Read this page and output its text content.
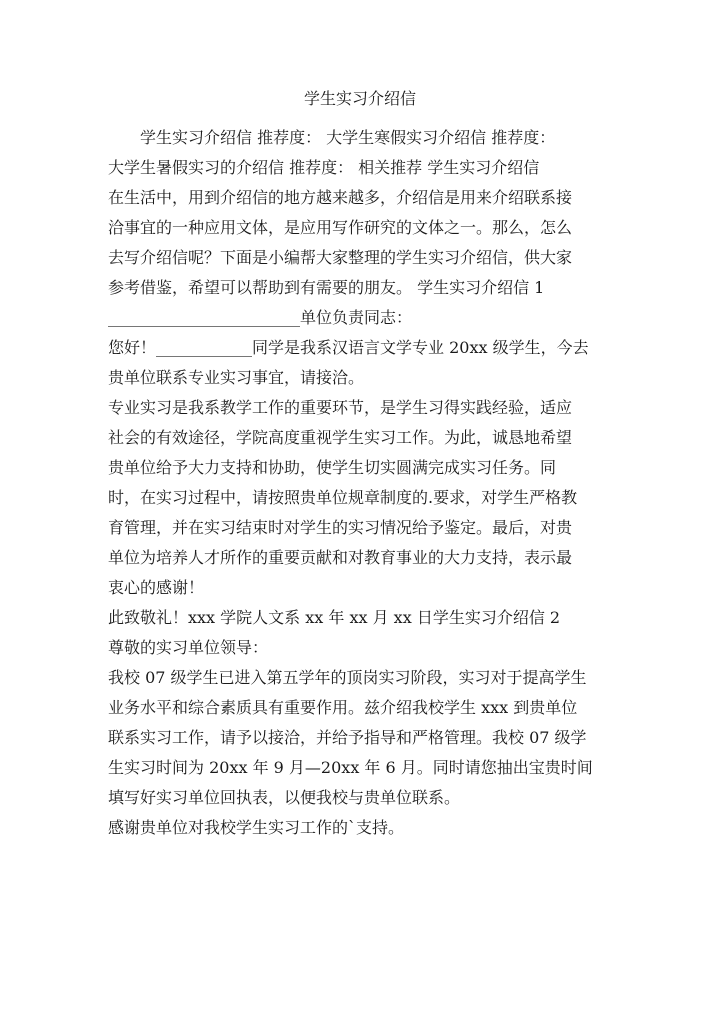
学生实习介绍信
学生实习介绍信 推荐度： 大学生寒假实习介绍信 推荐度：
大学生暑假实习的介绍信 推荐度： 相关推荐 学生实习介绍信
在生活中，用到介绍信的地方越来越多，介绍信是用来介绍联系接
洽事宜的一种应用文体，是应用写作研究的文体之一。那么，怎么
去写介绍信呢？下面是小编帮大家整理的学生实习介绍信，供大家
参考借鉴，希望可以帮助到有需要的朋友。 学生实习介绍信 1
________________________单位负责同志：
您好！____________同学是我系汉语言文学专业 20xx 级学生，今去
贵单位联系专业实习事宜，请接洽。
专业实习是我系教学工作的重要环节，是学生习得实践经验，适应
社会的有效途径，学院高度重视学生实习工作。为此，诚恳地希望
贵单位给予大力支持和协助，使学生切实圆满完成实习任务。同
时，在实习过程中，请按照贵单位规章制度的.要求，对学生严格教
育管理，并在实习结束时对学生的实习情况给予鉴定。最后，对贵
单位为培养人才所作的重要贡献和对教育事业的大力支持，表示最
衷心的感谢！
此致敬礼！xxx 学院人文系 xx 年 xx 月 xx 日学生实习介绍信 2
尊敬的实习单位领导：
我校 07 级学生已进入第五学年的顶岗实习阶段，实习对于提高学生
业务水平和综合素质具有重要作用。兹介绍我校学生 xxx 到贵单位
联系实习工作，请予以接洽，并给予指导和严格管理。我校 07 级学
生实习时间为 20xx 年 9 月—20xx 年 6 月。同时请您抽出宝贵时间
填写好实习单位回执表，以便我校与贵单位联系。
感谢贵单位对我校学生实习工作的`支持。
